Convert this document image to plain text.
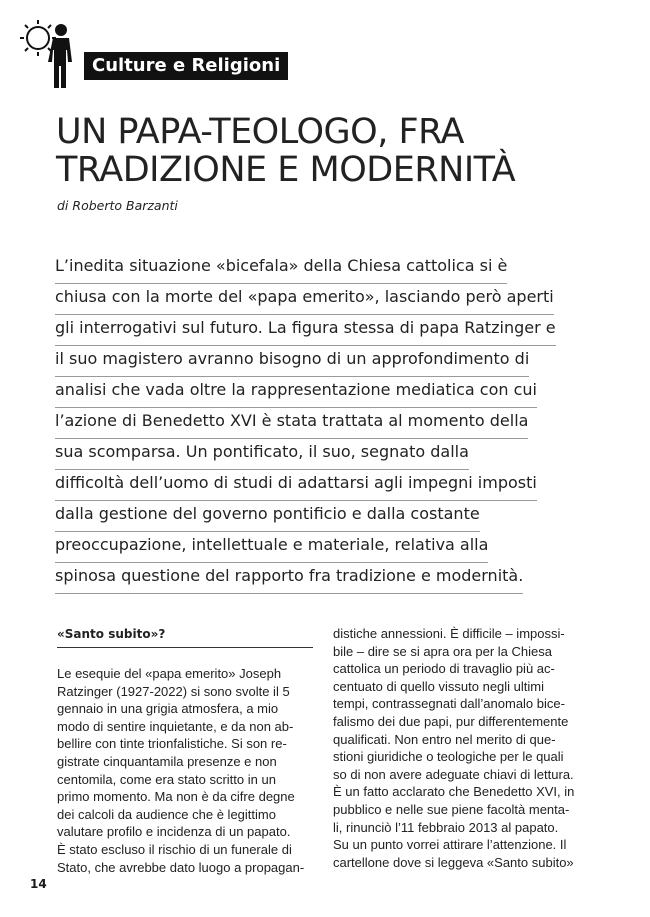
Culture e Religioni
UN PAPA-TEOLOGO, FRA
TRADIZIONE E MODERNITÀ
di Roberto Barzanti
L’inedita situazione «bicefala» della Chiesa cattolica si è
chiusa con la morte del «papa emerito», lasciando però aperti
gli interrogativi sul futuro. La figura stessa di papa Ratzinger e
il suo magistero avranno bisogno di un approfondimento di
analisi che vada oltre la rappresentazione mediatica con cui
l’azione di Benedetto XVI è stata trattata al momento della
sua scomparsa. Un pontificato, il suo, segnato dalla
difficoltà dell’uomo di studi di adattarsi agli impegni imposti
dalla gestione del governo pontificio e dalla costante
preoccupazione, intellettuale e materiale, relativa alla
spinosa questione del rapporto fra tradizione e modernità.
«Santo subito»?
Le esequie del «papa emerito» Joseph
Ratzinger (1927-2022) si sono svolte il 5
gennaio in una grigia atmosfera, a mio
modo di sentire inquietante, e da non ab-
bellire con tinte trionfalistiche. Si son re-
gistrate cinquantamila presenze e non
centomila, come era stato scritto in un
primo momento. Ma non è da cifre degne
dei calcoli da audience che è legittimo
valutare profilo e incidenza di un papato.
È stato escluso il rischio di un funerale di
Stato, che avrebbe dato luogo a propagan-
distiche annessioni. È difficile – impossi-
bile – dire se si apra ora per la Chiesa
cattolica un periodo di travaglio più ac-
centuato di quello vissuto negli ultimi
tempi, contrassegnati dall’anomalo bice-
falismo dei due papi, pur differentemente
qualificati. Non entro nel merito di que-
stioni giuridiche o teologiche per le quali
so di non avere adeguate chiavi di lettura.
È un fatto acclarato che Benedetto XVI, in
pubblico e nelle sue piene facoltà menta-
li, rinunciò l’11 febbraio 2013 al papato.
Su un punto vorrei attirare l’attenzione. Il
cartellone dove si leggeva «Santo subito»
14
